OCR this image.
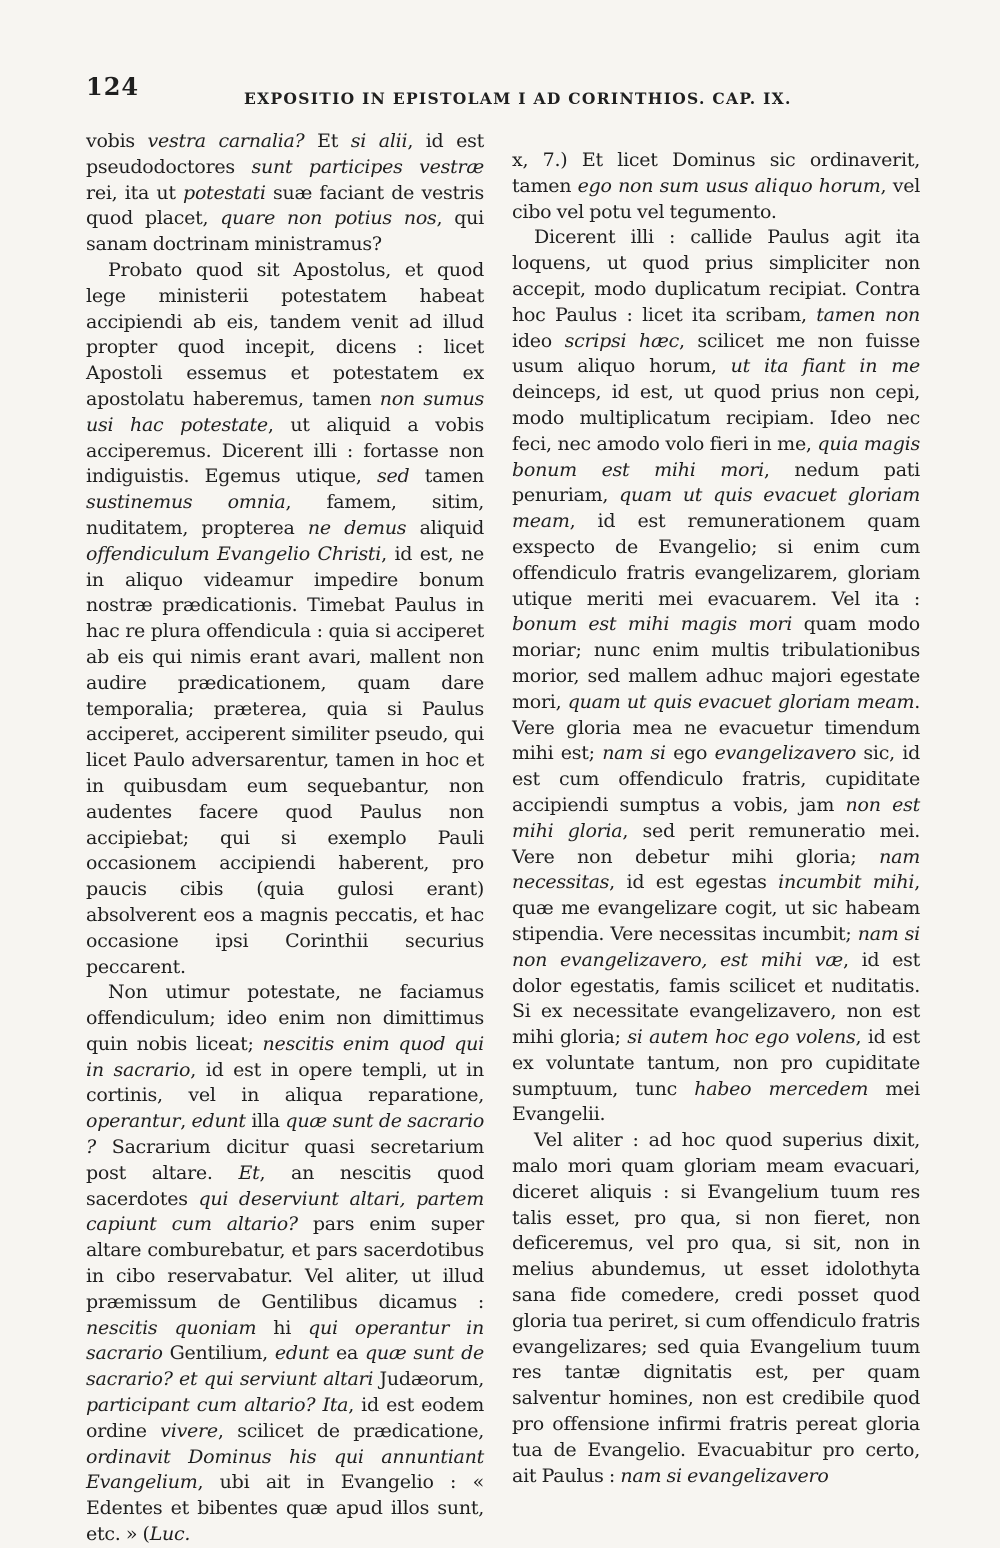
124	EXPOSITIO IN EPISTOLAM I AD CORINTHIOS. CAP. IX.

vobis vestra carnalia? Et si alii, id est pseudodoctores sunt participes vestræ rei, ita ut potestati suæ faciant de vestris quod placet, quare non potius nos, qui sanam doctrinam ministramus?

Probato quod sit Apostolus, et quod lege ministerii potestatem habeat accipiendi ab eis, tandem venit ad illud propter quod incepit, dicens : licet Apostoli essemus et potestatem ex apostolatu haberemus, tamen non sumus usi hac potestate, ut aliquid a vobis acciperemus. Dicerent illi : fortasse non indiguistis. Egemus utique, sed tamen sustinemus omnia, famem, sitim, nuditatem, propterea ne demus aliquid offendiculum Evangelio Christi, id est, ne in aliquo videamur impedire bonum nostræ prædicationis. Timebat Paulus in hac re plura offendicula : quia si acciperet ab eis qui nimis erant avari, mallent non audire prædicationem, quam dare temporalia; præterea, quia si Paulus acciperet, acciperent similiter pseudo, qui licet Paulo adversarentur, tamen in hoc et in quibusdam eum sequebantur, non audentes facere quod Paulus non accipiebat; qui si exemplo Pauli occasionem accipiendi haberent, pro paucis cibis (quia gulosi erant) absolverent eos a magnis peccatis, et hac occasione ipsi Corinthii securius peccarent.

Non utimur potestate, ne faciamus offendiculum; ideo enim non dimittimus quin nobis liceat; nescitis enim quod qui in sacrario, id est in opere templi, ut in cortinis, vel in aliqua reparatione, operantur, edunt illa quæ sunt de sacrario ? Sacrarium dicitur quasi secretarium post altare. Et, an nescitis quod sacerdotes qui deserviunt altari, partem capiunt cum altario? pars enim super altare comburebatur, et pars sacerdotibus in cibo reservabatur. Vel aliter, ut illud præmissum de Gentilibus dicamus : nescitis quoniam hi qui operantur in sacrario Gentilium, edunt ea quæ sunt de sacrario? et qui serviunt altari Judæorum, participant cum altario? Ita, id est eodem ordine vivere, scilicet de prædicatione, ordinavit Dominus his qui annuntiant Evangelium, ubi ait in Evangelio : « Edentes et bibentes quæ apud illos sunt, etc. » (Luc.

x, 7.) Et licet Dominus sic ordinaverit, tamen ego non sum usus aliquo horum, vel cibo vel potu vel tegumento.

Dicerent illi : callide Paulus agit ita loquens, ut quod prius simpliciter non accepit, modo duplicatum recipiat. Contra hoc Paulus : licet ita scribam, tamen non ideo scripsi hæc, scilicet me non fuisse usum aliquo horum, ut ita fiant in me deinceps, id est, ut quod prius non cepi, modo multiplicatum recipiam. Ideo nec feci, nec amodo volo fieri in me, quia magis bonum est mihi mori, nedum pati penuriam, quam ut quis evacuet gloriam meam, id est remunerationem quam exspecto de Evangelio; si enim cum offendiculo fratris evangelizarem, gloriam utique meriti mei evacuarem. Vel ita : bonum est mihi magis mori quam modo moriar; nunc enim multis tribulationibus morior, sed mallem adhuc majori egestate mori, quam ut quis evacuet gloriam meam. Vere gloria mea ne evacuetur timendum mihi est; nam si ego evangelizavero sic, id est cum offendiculo fratris, cupiditate accipiendi sumptus a vobis, jam non est mihi gloria, sed perit remuneratio mei. Vere non debetur mihi gloria; nam necessitas, id est egestas incumbit mihi, quæ me evangelizare cogit, ut sic habeam stipendia. Vere necessitas incumbit; nam si non evangelizavero, est mihi væ, id est dolor egestatis, famis scilicet et nuditatis. Si ex necessitate evangelizavero, non est mihi gloria; si autem hoc ego volens, id est ex voluntate tantum, non pro cupiditate sumptuum, tunc habeo mercedem mei Evangelii.

Vel aliter : ad hoc quod superius dixit, malo mori quam gloriam meam evacuari, diceret aliquis : si Evangelium tuum res talis esset, pro qua, si non fieret, non deficeremus, vel pro qua, si sit, non in melius abundemus, ut esset idolothyta sana fide comedere, credi posset quod gloria tua periret, si cum offendiculo fratris evangelizares; sed quia Evangelium tuum res tantæ dignitatis est, per quam salventur homines, non est credibile quod pro offensione infirmi fratris pereat gloria tua de Evangelio. Evacuabitur pro certo, ait Paulus : nam si evangelizavero
